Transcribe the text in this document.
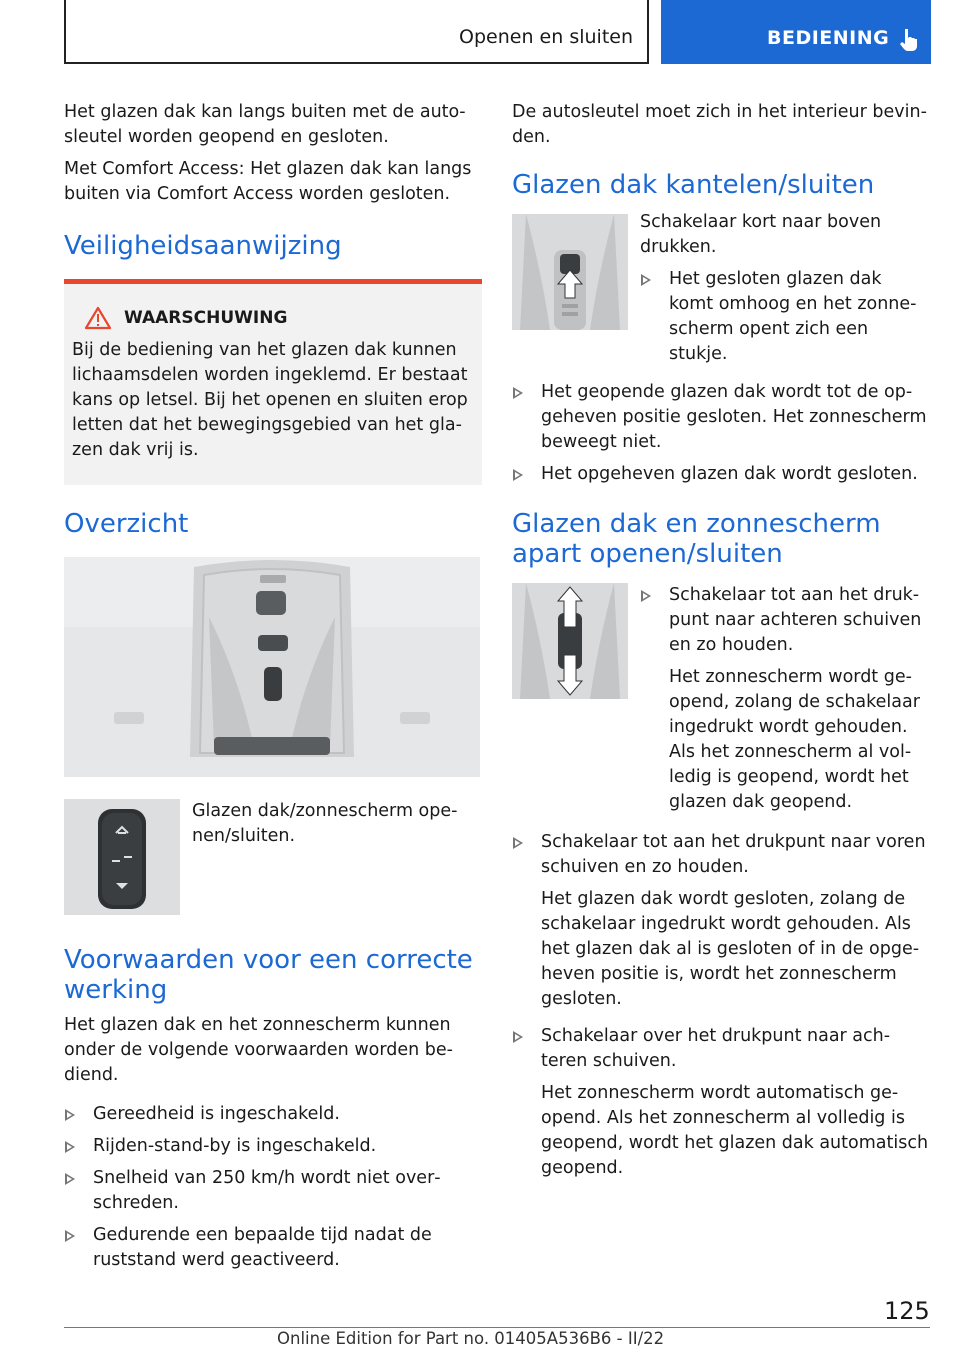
Openen en sluiten	BEDIENING

Het glazen dak kan langs buiten met de autosleutel worden geopend en gesloten.

Met Comfort Access: Het glazen dak kan langs buiten via Comfort Access worden gesloten.

Veiligheidsaanwijzing
WAARSCHUWING

Bij de bediening van het glazen dak kunnen lichaamsdelen worden ingeklemd. Er bestaat kans op letsel. Bij het openen en sluiten erop letten dat het bewegingsgebied van het glazen dak vrij is.

Overzicht

Glazen dak/zonnescherm openen/sluiten.

Voorwaarden voor een correcte werking

Het glazen dak en het zonnescherm kunnen onder de volgende voorwaarden worden bediend.

Gereedheid is ingeschakeld.
Rijden-stand-by is ingeschakeld.
Snelheid van 250 km/h wordt niet overschreden.
Gedurende een bepaalde tijd nadat de ruststand werd geactiveerd.

De autosleutel moet zich in het interieur bevinden.

Glazen dak kantelen/sluiten

Schakelaar kort naar boven drukken.

Het gesloten glazen dak komt omhoog en het zonnescherm opent zich een stukje.
Het geopende glazen dak wordt tot de opgeheven positie gesloten. Het zonnescherm beweegt niet.
Het opgeheven glazen dak wordt gesloten.
Glazen dak en zonnescherm apart openen/sluiten
Schakelaar tot aan het drukpunt naar achteren schuiven en zo houden.

Het zonnescherm wordt geopend, zolang de schakelaar ingedrukt wordt gehouden. Als het zonnescherm al volledig is geopend, wordt het glazen dak geopend.

Schakelaar tot aan het drukpunt naar voren schuiven en zo houden.

Het glazen dak wordt gesloten, zolang de schakelaar ingedrukt wordt gehouden. Als het glazen dak al is gesloten of in de opgeheven positie is, wordt het zonnescherm gesloten.

Schakelaar over het drukpunt naar achteren schuiven.

Het zonnescherm wordt automatisch geopend. Als het zonnescherm al volledig is geopend, wordt het glazen dak automatisch geopend.

125
Online Edition for Part no. 01405A536B6 - II/22
